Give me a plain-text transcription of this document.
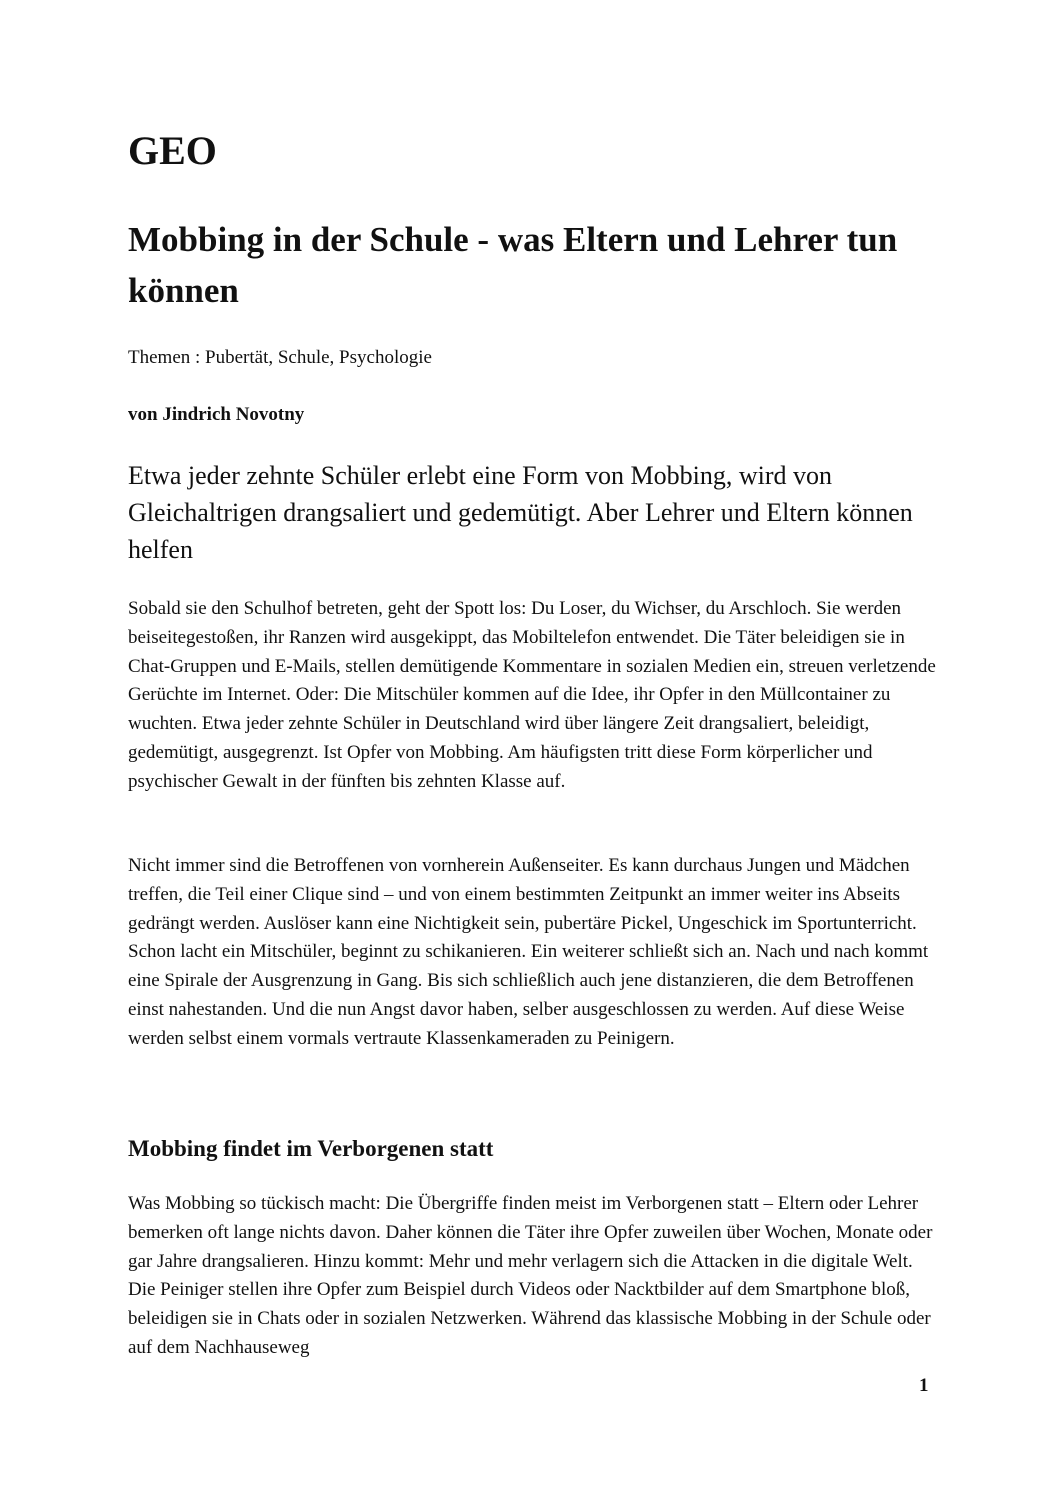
GEO
Mobbing in der Schule - was Eltern und Lehrer tun können

Themen : Pubertät, Schule, Psychologie

von Jindrich Novotny

Etwa jeder zehnte Schüler erlebt eine Form von Mobbing, wird von Gleichaltrigen drangsaliert und gedemütigt. Aber Lehrer und Eltern können helfen

Sobald sie den Schulhof betreten, geht der Spott los: Du Loser, du Wichser, du Arschloch. Sie werden beiseitegestoßen, ihr Ranzen wird ausgekippt, das Mobiltelefon entwendet. Die Täter beleidigen sie in Chat-Gruppen und E-Mails, stellen demütigende Kommentare in sozialen Medien ein, streuen verletzende Gerüchte im Internet. Oder: Die Mitschüler kommen auf die Idee, ihr Opfer in den Müllcontainer zu wuchten. Etwa jeder zehnte Schüler in Deutschland wird über längere Zeit drangsaliert, beleidigt, gedemütigt, ausgegrenzt. Ist Opfer von Mobbing. Am häufigsten tritt diese Form körperlicher und psychischer Gewalt in der fünften bis zehnten Klasse auf.

Nicht immer sind die Betroffenen von vornherein Außenseiter. Es kann durchaus Jungen und Mädchen treffen, die Teil einer Clique sind – und von einem bestimmten Zeitpunkt an immer weiter ins Abseits gedrängt werden. Auslöser kann eine Nichtigkeit sein, pubertäre Pickel, Ungeschick im Sportunterricht. Schon lacht ein Mitschüler, beginnt zu schikanieren. Ein weiterer schließt sich an. Nach und nach kommt eine Spirale der Ausgrenzung in Gang. Bis sich schließlich auch jene distanzieren, die dem Betroffenen einst nahestanden. Und die nun Angst davor haben, selber ausgeschlossen zu werden. Auf diese Weise werden selbst einem vormals vertraute Klassenkameraden zu Peinigern.

Mobbing findet im Verborgenen statt

Was Mobbing so tückisch macht: Die Übergriffe finden meist im Verborgenen statt – Eltern oder Lehrer bemerken oft lange nichts davon. Daher können die Täter ihre Opfer zuweilen über Wochen, Monate oder gar Jahre drangsalieren. Hinzu kommt: Mehr und mehr verlagern sich die Attacken in die digitale Welt. Die Peiniger stellen ihre Opfer zum Beispiel durch Videos oder Nacktbilder auf dem Smartphone bloß, beleidigen sie in Chats oder in sozialen Netzwerken. Während das klassische Mobbing in der Schule oder auf dem Nachhauseweg

1
